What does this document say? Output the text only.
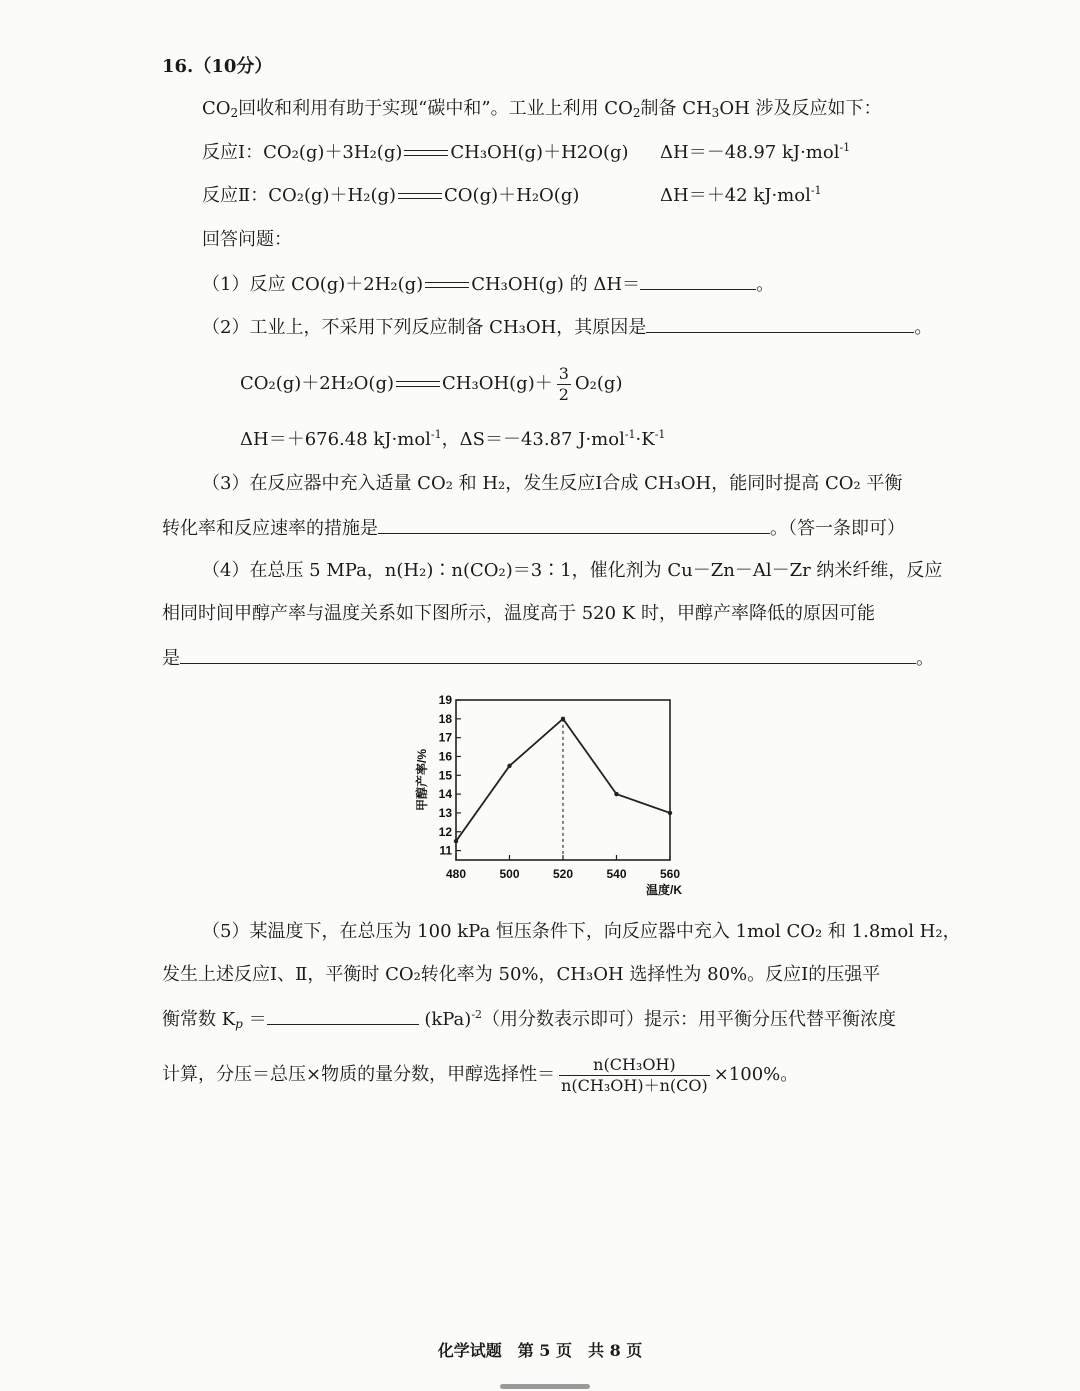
16.（10分）
$CO_2$回收和利用有助于实现“碳中和”。工业上利用 $CO_2$制备 $CH_3OH$ 涉及反应如下：
反应Ⅰ：CO₂(g)＋3H₂(g)	CH₃OH(g)＋H2O(g) ΔH＝－48.97 kJ·mol$^{-1}$
反应Ⅱ：CO₂(g)＋H₂(g)	CO(g)＋H₂O(g)	ΔH＝＋42 kJ·mol$^{-1}$
回答问题：
（1）反应 CO(g)＋2H₂(g)	CH₃OH(g) 的 ΔH＝	。
（2）工业上，不采用下列反应制备 CH₃OH，其原因是	。
CO₂(g)＋2H₂O(g)	$CH_3OH(g)+ \frac{3}{2} O_2(g)$
ΔH＝＋676.48 kJ·mol$^{-1}$，ΔS＝－43.87 $J\cdot mol^{-1}\cdot K^{-1}$
（3）在反应器中充入适量 CO₂ 和 H₂，发生反应Ⅰ合成 CH₃OH，能同时提高 CO₂ 平衡
转化率和反应速率的措施是	。（答一条即可）
（4）在总压 5 MPa，n(H₂)∶n(CO₂)＝3∶1，催化剂为 Cu－Zn－Al－Zr 纳米纤维，反应
相同时间甲醇产率与温度关系如下图所示，温度高于 520 K 时，甲醇产率降低的原因可能
是	。
11
12
13
14
15
16
17
18
19
480	500	520	540	560
甲醇产率/%
温度/K
（5）某温度下，在总压为 100 kPa 恒压条件下，向反应器中充入 1mol CO₂ 和 1.8mol H₂，
发生上述反应Ⅰ、Ⅱ，平衡时 CO₂转化率为 50%，CH₃OH 选择性为 80%。反应Ⅰ的压强平
衡常数 $K_p$ ＝	(kPa)$^{-2}$（用分数表示即可）提示：用平衡分压代替平衡浓度
计算，分压＝总压×物质的量分数，甲醇选择性＝ $\frac{\text{n(CH₃OH)}}{\text{n(CH₃OH)＋n(CO)}} \times 100\%$。
化学试题　第 5 页　共 8 页
